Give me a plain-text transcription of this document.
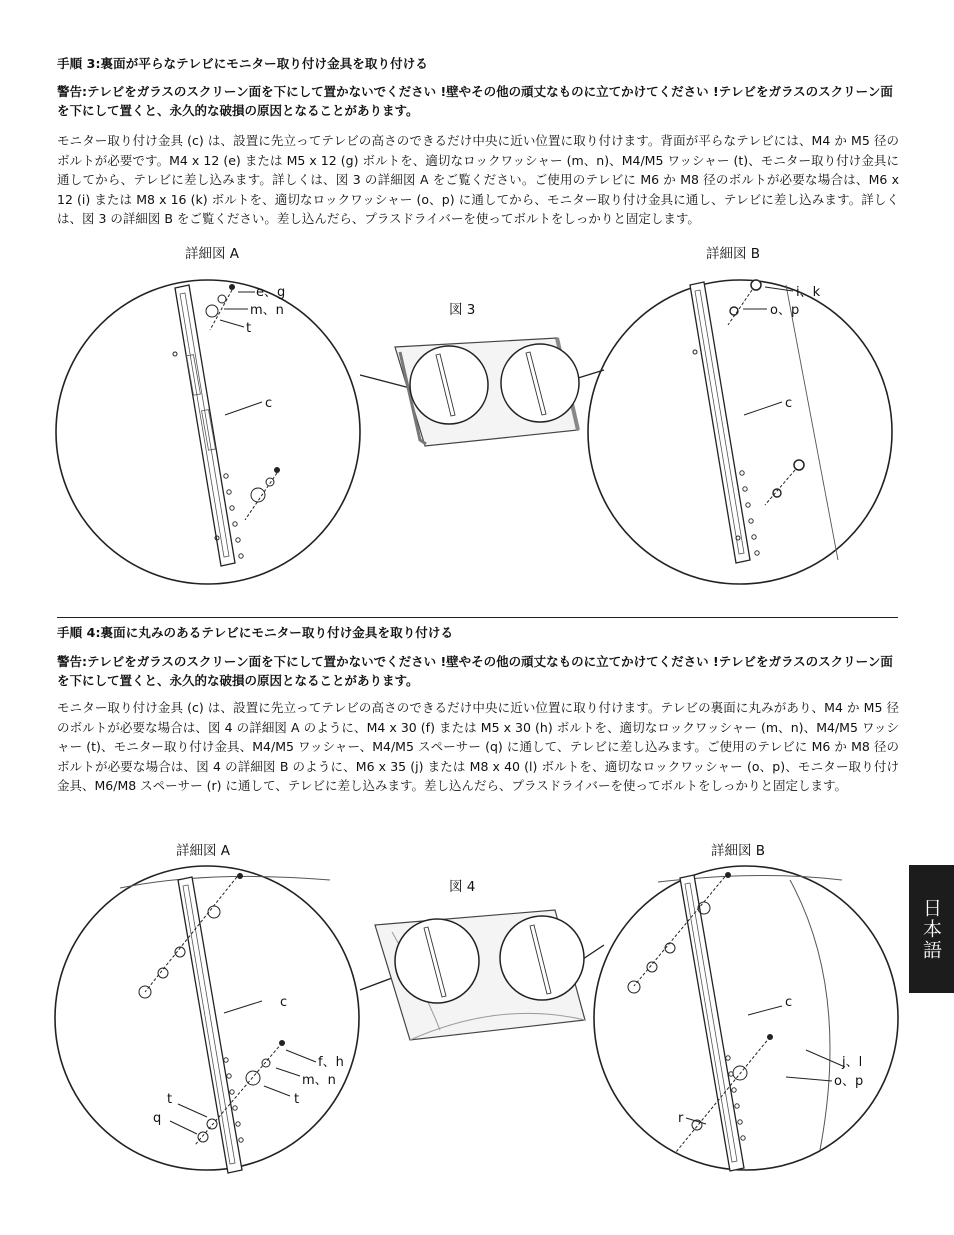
手順 3:裏面が平らなテレビにモニター取り付け金具を取り付ける
警告:テレビをガラスのスクリーン面を下にして置かないでください !壁やその他の頑丈なものに立てかけてください !テレビをガラスのスクリーン面を下にして置くと、永久的な破損の原因となることがあります。
モニター取り付け金具 (c) は、設置に先立ってテレビの高さのできるだけ中央に近い位置に取り付けます。背面が平らなテレビには、M4 か M5 径のボルトが必要です。M4 x 12 (e) または M5 x 12 (g) ボルトを、適切なロックワッシャー (m、n)、M4/M5 ワッシャー (t)、モニター取り付け金具に通してから、テレビに差し込みます。詳しくは、図 3 の詳細図 A をご覧ください。ご使用のテレビに M6 か M8 径のボルトが必要な場合は、M6 x 12 (i) または M8 x 16 (k) ボルトを、適切なロックワッシャー (o、p) に通してから、モニター取り付け金具に通し、テレビに差し込みます。詳しくは、図 3 の詳細図 B をご覧ください。差し込んだら、プラスドライバーを使ってボルトをしっかりと固定します。
詳細図 A
e、g
m、n
t
c
図 3
詳細図 B
i、k
o、p
c
手順 4:裏面に丸みのあるテレビにモニター取り付け金具を取り付ける
警告:テレビをガラスのスクリーン面を下にして置かないでください !壁やその他の頑丈なものに立てかけてください !テレビをガラスのスクリーン面を下にして置くと、永久的な破損の原因となることがあります。
モニター取り付け金具 (c) は、設置に先立ってテレビの高さのできるだけ中央に近い位置に取り付けます。テレビの裏面に丸みがあり、M4 か M5 径のボルトが必要な場合は、図 4 の詳細図 A のように、M4 x 30 (f) または M5 x 30 (h) ボルトを、適切なロックワッシャー (m、n)、M4/M5 ワッシャー (t)、モニター取り付け金具、M4/M5 ワッシャー、M4/M5 スペーサー (q) に通して、テレビに差し込みます。ご使用のテレビに M6 か M8 径のボルトが必要な場合は、図 4 の詳細図 B のように、M6 x 35 (j) または M8 x 40 (l) ボルトを、適切なロックワッシャー (o、p)、モニター取り付け金具、M6/M8 スペーサー (r) に通して、テレビに差し込みます。差し込んだら、プラスドライバーを使ってボルトをしっかりと固定します。
詳細図 A
c
f、h
m、n
t
t
q
図 4
詳細図 B
c
j、l
o、p
r
日本語
